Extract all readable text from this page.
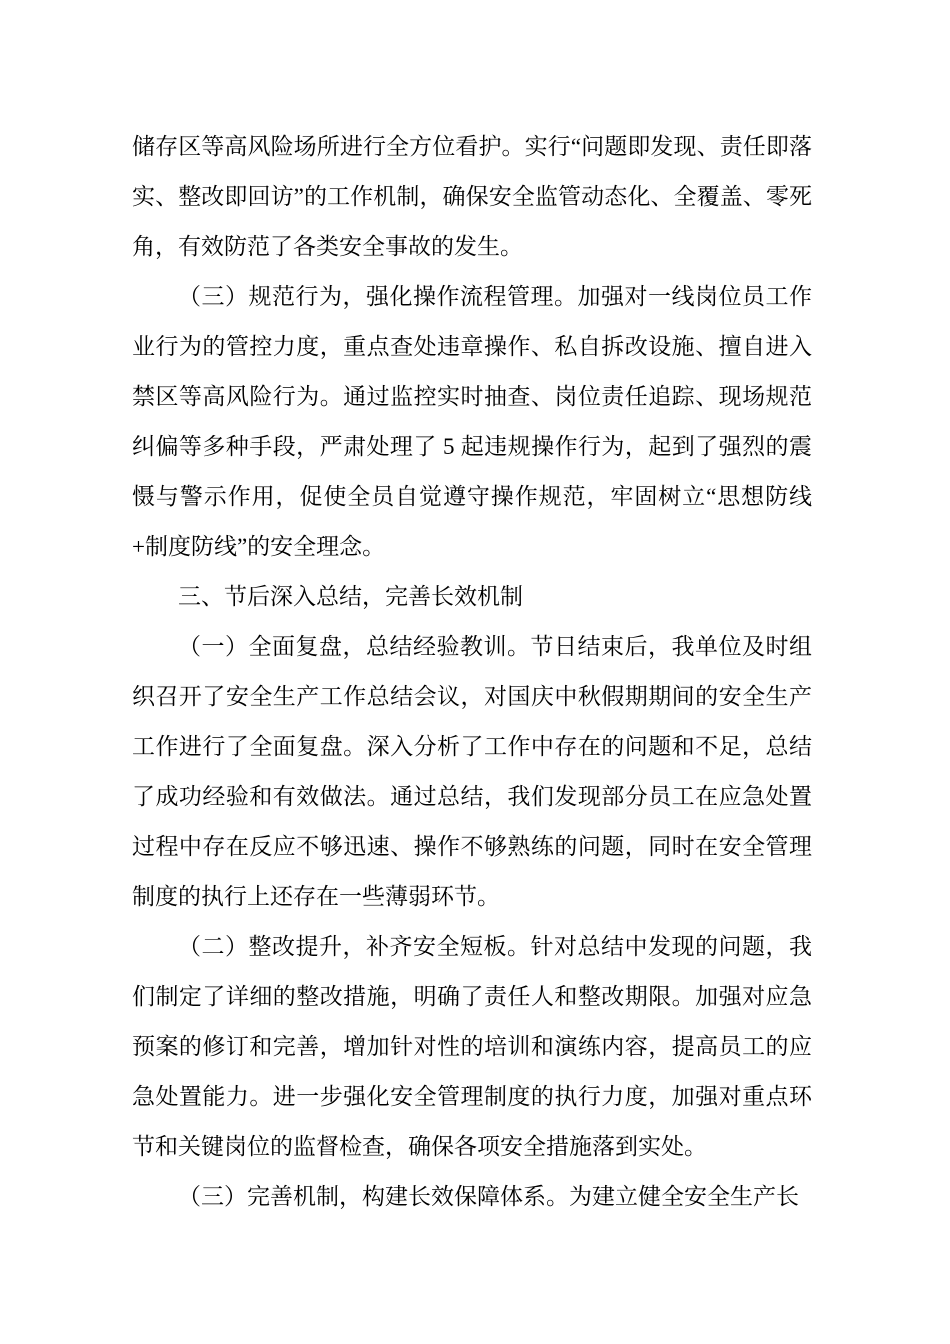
储存区等高风险场所进行全方位看护。实行“问题即发现、责任即落实、整改即回访”的工作机制，确保安全监管动态化、全覆盖、零死角，有效防范了各类安全事故的发生。

（三）规范行为，强化操作流程管理。加强对一线岗位员工作业行为的管控力度，重点查处违章操作、私自拆改设施、擅自进入禁区等高风险行为。通过监控实时抽查、岗位责任追踪、现场规范纠偏等多种手段，严肃处理了 5 起违规操作行为，起到了强烈的震慑与警示作用，促使全员自觉遵守操作规范，牢固树立“思想防线+制度防线”的安全理念。

三、节后深入总结，完善长效机制

（一）全面复盘，总结经验教训。节日结束后，我单位及时组织召开了安全生产工作总结会议，对国庆中秋假期期间的安全生产工作进行了全面复盘。深入分析了工作中存在的问题和不足，总结了成功经验和有效做法。通过总结，我们发现部分员工在应急处置过程中存在反应不够迅速、操作不够熟练的问题，同时在安全管理制度的执行上还存在一些薄弱环节。

（二）整改提升，补齐安全短板。针对总结中发现的问题，我们制定了详细的整改措施，明确了责任人和整改期限。加强对应急预案的修订和完善，增加针对性的培训和演练内容，提高员工的应急处置能力。进一步强化安全管理制度的执行力度，加强对重点环节和关键岗位的监督检查，确保各项安全措施落到实处。

（三）完善机制，构建长效保障体系。为建立健全安全生产长
